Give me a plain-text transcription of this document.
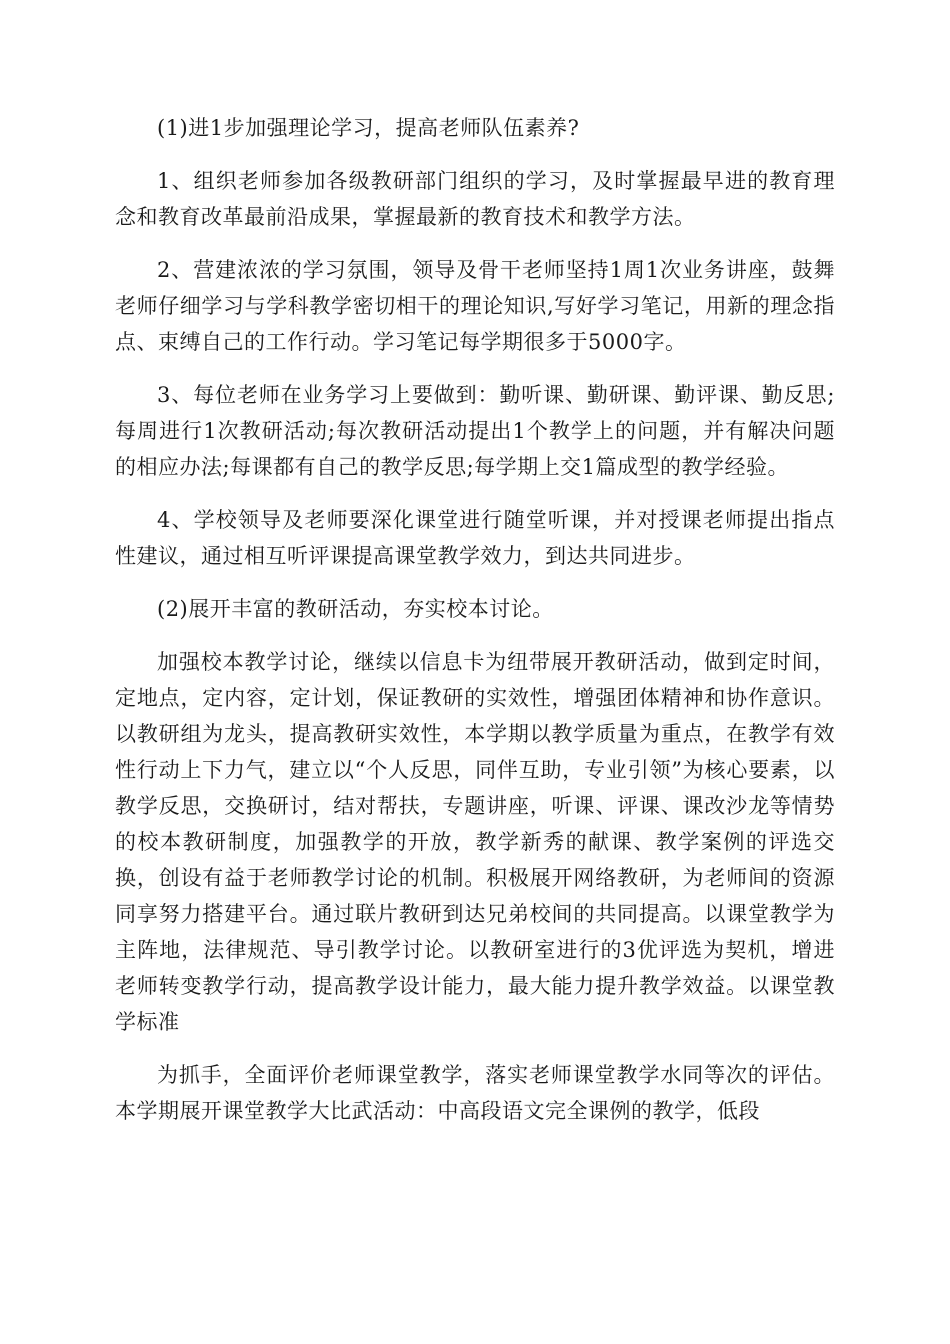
(1)进1步加强理论学习，提高老师队伍素养?

1、组织老师参加各级教研部门组织的学习，及时掌握最早进的教育理念和教育改革最前沿成果，掌握最新的教育技术和教学方法。

2、营建浓浓的学习氛围，领导及骨干老师坚持1周1次业务讲座，鼓舞老师仔细学习与学科教学密切相干的理论知识,写好学习笔记，用新的理念指点、束缚自己的工作行动。学习笔记每学期很多于5000字。

3、每位老师在业务学习上要做到：勤听课、勤研课、勤评课、勤反思;每周进行1次教研活动;每次教研活动提出1个教学上的问题，并有解决问题的相应办法;每课都有自己的教学反思;每学期上交1篇成型的教学经验。

4、学校领导及老师要深化课堂进行随堂听课，并对授课老师提出指点性建议，通过相互听评课提高课堂教学效力，到达共同进步。

(2)展开丰富的教研活动，夯实校本讨论。

加强校本教学讨论，继续以信息卡为纽带展开教研活动，做到定时间，定地点，定内容，定计划，保证教研的实效性，增强团体精神和协作意识。以教研组为龙头，提高教研实效性，本学期以教学质量为重点，在教学有效性行动上下力气，建立以“个人反思，同伴互助，专业引领”为核心要素，以教学反思，交换研讨，结对帮扶，专题讲座，听课、评课、课改沙龙等情势的校本教研制度，加强教学的开放，教学新秀的献课、教学案例的评选交换，创设有益于老师教学讨论的机制。积极展开网络教研，为老师间的资源同享努力搭建平台。通过联片教研到达兄弟校间的共同提高。以课堂教学为主阵地，法律规范、导引教学讨论。以教研室进行的3优评选为契机，增进老师转变教学行动，提高教学设计能力，最大能力提升教学效益。以课堂教学标准

为抓手，全面评价老师课堂教学，落实老师课堂教学水同等次的评估。本学期展开课堂教学大比武活动：中高段语文完全课例的教学，低段
